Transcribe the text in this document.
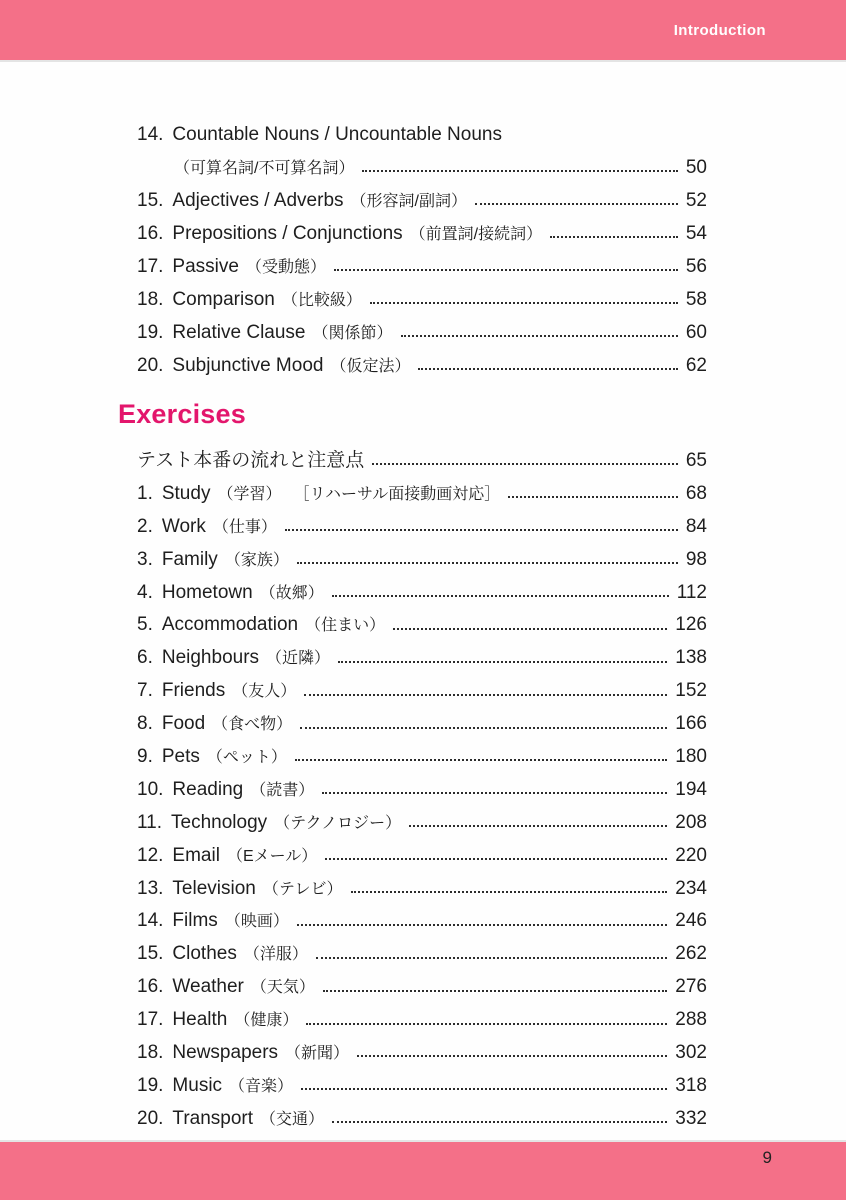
Introduction
14. Countable Nouns / Uncountable Nouns
（可算名詞/不可算名詞）	50
15. Adjectives / Adverbs （形容詞/副詞）	52
16. Prepositions / Conjunctions （前置詞/接続詞）	54
17. Passive （受動態）	56
18. Comparison （比較級）	58
19. Relative Clause （関係節）	60
20. Subjunctive Mood （仮定法）	62
Exercises
テスト本番の流れと注意点	65
1. Study （学習） ［リハーサル面接動画対応］	68
2. Work （仕事）	84
3. Family （家族）	98
4. Hometown （故郷）	112
5. Accommodation （住まい）	126
6. Neighbours （近隣）	138
7. Friends （友人）	152
8. Food （食べ物）	166
9. Pets （ペット）	180
10. Reading （読書）	194
11. Technology （テクノロジー）	208
12. Email （Eメール）	220
13. Television （テレビ）	234
14. Films （映画）	246
15. Clothes （洋服）	262
16. Weather （天気）	276
17. Health （健康）	288
18. Newspapers （新聞）	302
19. Music （音楽）	318
20. Transport （交通）	332
9
